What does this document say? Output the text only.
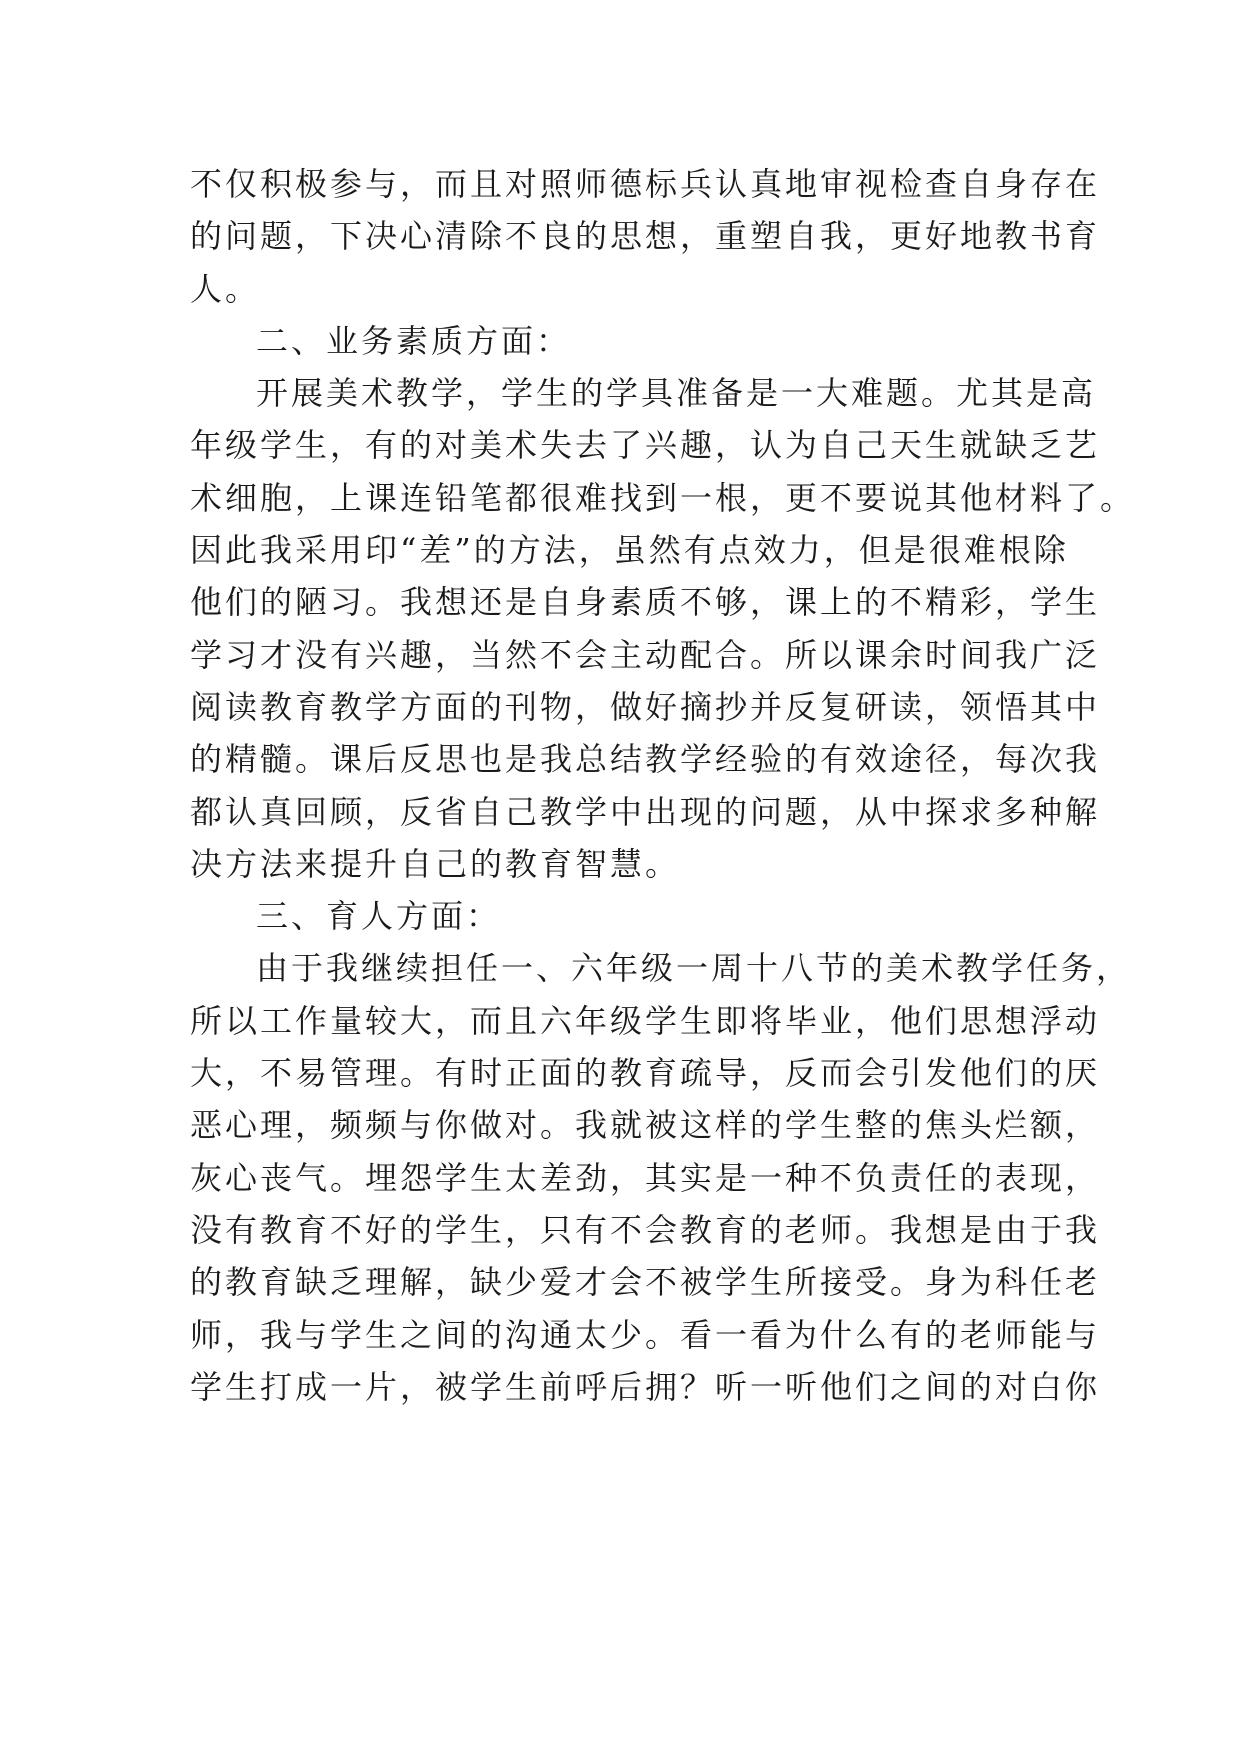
不仅积极参与，而且对照师德标兵认真地审视检查自身存在
的问题，下决心清除不良的思想，重塑自我，更好地教书育
人。
二、业务素质方面：
开展美术教学，学生的学具准备是一大难题。尤其是高
年级学生，有的对美术失去了兴趣，认为自己天生就缺乏艺
术细胞，上课连铅笔都很难找到一根，更不要说其他材料了。
因此我采用印“差”的方法，虽然有点效力，但是很难根除
他们的陋习。我想还是自身素质不够，课上的不精彩，学生
学习才没有兴趣，当然不会主动配合。所以课余时间我广泛
阅读教育教学方面的刊物，做好摘抄并反复研读，领悟其中
的精髓。课后反思也是我总结教学经验的有效途径，每次我
都认真回顾，反省自己教学中出现的问题，从中探求多种解
决方法来提升自己的教育智慧。
三、育人方面：
由于我继续担任一、六年级一周十八节的美术教学任务，
所以工作量较大，而且六年级学生即将毕业，他们思想浮动
大，不易管理。有时正面的教育疏导，反而会引发他们的厌
恶心理，频频与你做对。我就被这样的学生整的焦头烂额，
灰心丧气。埋怨学生太差劲，其实是一种不负责任的表现，
没有教育不好的学生，只有不会教育的老师。我想是由于我
的教育缺乏理解，缺少爱才会不被学生所接受。身为科任老
师，我与学生之间的沟通太少。看一看为什么有的老师能与
学生打成一片，被学生前呼后拥？听一听他们之间的对白你
